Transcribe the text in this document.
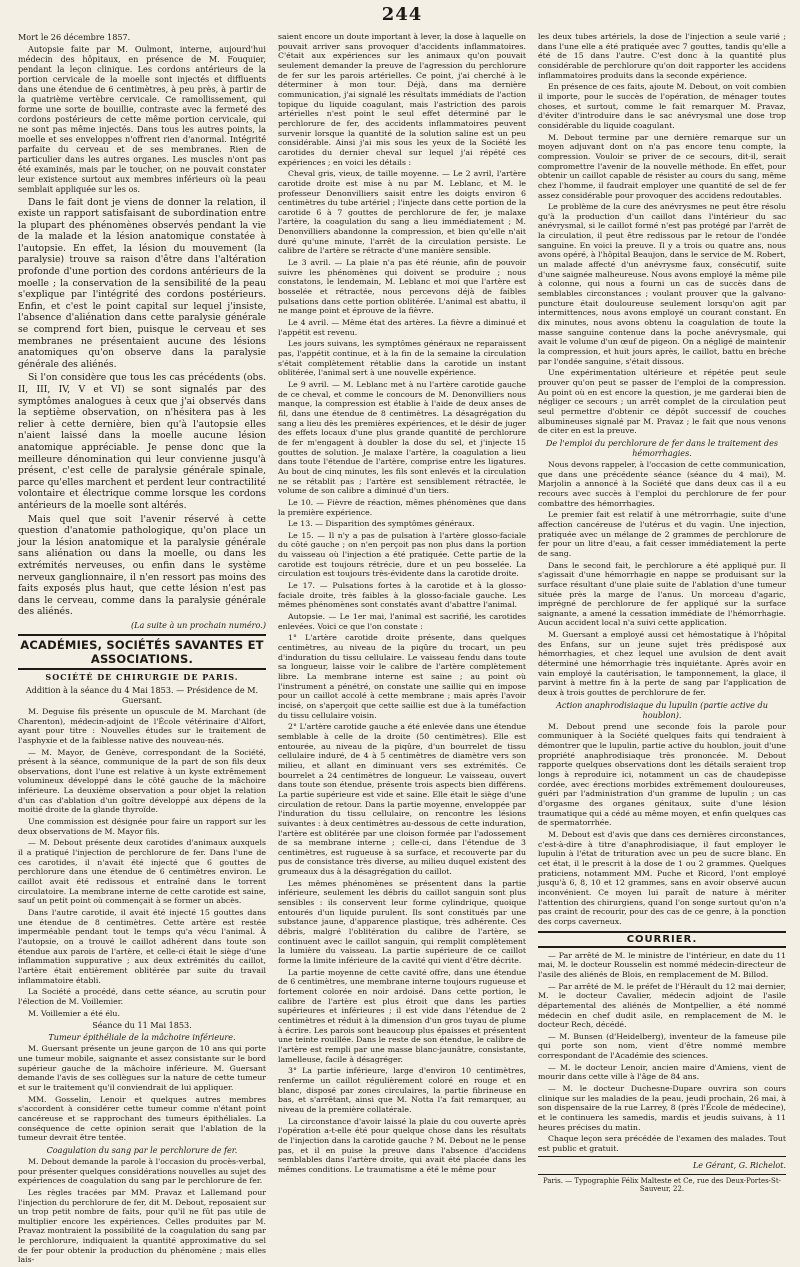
244

Mort le 26 décembre 1857.

Autopsie faite par M. Oulmont, interne, aujourd'hui médecin des hôpitaux, en présence de M. Fouquier, pendant la leçon clinique. Les cordons antérieurs de la portion cervicale de la moelle sont injectés et diffluents dans une étendue de 6 centimètres, à peu près, à partir de la quatrième vertèbre cervicale. Ce ramollissement, qui forme une sorte de bouillie, contraste avec la fermeté des cordons postérieurs de cette même portion cervicale, qui ne sont pas même injectés. Dans tous les autres points, la moelle et ses enveloppes n'offrent rien d'anormal. Intégrité parfaite du cerveau et de ses membranes. Rien de particulier dans les autres organes. Les muscles n'ont pas été examinés, mais par le toucher, on ne pouvait constater leur existence surtout aux membres inférieurs où la peau semblait appliquée sur les os.

Dans le fait dont je viens de donner la relation, il existe un rapport satisfaisant de subordination entre la plupart des phénomènes observés pendant la vie de la malade et la lésion anatomique constatée à l'autopsie. En effet, la lésion du mouvement (la paralysie) trouve sa raison d'être dans l'altération profonde d'une portion des cordons antérieurs de la moelle ; la conservation de la sensibilité de la peau s'explique par l'intégrité des cordons postérieurs. Enfin, et c'est le point capital sur lequel j'insiste, l'absence d'aliénation dans cette paralysie générale se comprend fort bien, puisque le cerveau et ses membranes ne présentaient aucune des lésions anatomiques qu'on observe dans la paralysie générale des aliénés.

Si l'on considère que tous les cas précédents (obs. II, III, IV, V et VI) se sont signalés par des symptômes analogues à ceux que j'ai observés dans la septième observation, on n'hésitera pas à les relier à cette dernière, bien qu'à l'autopsie elles n'aient laissé dans la moelle aucune lésion anatomique appréciable. Je pense donc que la meilleure dénomination qui leur convienne jusqu'à présent, c'est celle de paralysie générale spinale, parce qu'elles marchent et perdent leur contractilité volontaire et électrique comme lorsque les cordons antérieurs de la moelle sont altérés.

Mais quel que soit l'avenir réservé à cette question d'anatomie pathologique, qu'on place un jour la lésion anatomique et la paralysie générale sans aliénation ou dans la moelle, ou dans les extrémités nerveuses, ou enfin dans le système nerveux ganglionnaire, il n'en ressort pas moins des faits exposés plus haut, que cette lésion n'est pas dans le cerveau, comme dans la paralysie générale des aliénés.

(La suite à un prochain numéro.)

ACADÉMIES, SOCIÉTÉS SAVANTES ET ASSOCIATIONS.

SOCIÉTÉ DE CHIRURGIE DE PARIS.

Addition à la séance du 4 Mai 1853. — Présidence de M. Guersant.

M. Deguise fils présente un opuscule de M. Marchant (de Charenton), médecin-adjoint de l'École vétérinaire d'Alfort, ayant pour titre : Nouvelles études sur le traitement de l'asphyxie et de la faiblesse native des nouveau-nés.

— M. Mayor, de Genève, correspondant de la Société, présent à la séance, communique de la part de son fils deux observations, dont l'une est relative à un kyste extrêmement volumineux développé dans le côté gauche de la mâchoire inférieure. La deuxième observation a pour objet la relation d'un cas d'ablation d'un goître développé aux dépens de la moitié droite de la glande thyroïde.

Une commission est désignée pour faire un rapport sur les deux observations de M. Mayor fils.

— M. Debout présente deux carotides d'animaux auxquels il a pratiqué l'injection de perchlorure de fer. Dans l'une de ces carotides, il n'avait été injecté que 6 gouttes de perchlorure dans une étendue de 6 centimètres environ. Le caillot avait été redissous et entraîné dans le torrent circulatoire. La membrane interne de cette carotide est saine, sauf un petit point où commençait à se former un abcès.

Dans l'autre carotide, il avait été injecté 15 gouttes dans une étendue de 8 centimètres. Cette artère est restée imperméable pendant tout le temps qu'a vécu l'animal. À l'autopsie, on a trouvé le caillot adhérent dans toute son étendue aux parois de l'artère, et celle-ci était le siège d'une inflammation suppurative ; aux deux extrémités du caillot, l'artère était entièrement oblitérée par suite du travail inflammatoire établi.

La Société a procédé, dans cette séance, au scrutin pour l'élection de M. Voillemier.

M. Voillemier a été élu.

Séance du 11 Mai 1853.

Tumeur épithéliale de la mâchoire inférieure.

M. Guersant présente un jeune garçon de 10 ans qui porte une tumeur mobile, saignante et assez consistante sur le bord supérieur gauche de la mâchoire inférieure. M. Guersant demande l'avis de ses collègues sur la nature de cette tumeur et sur le traitement qu'il conviendrait de lui appliquer.

MM. Gosselin, Lenoir et quelques autres membres s'accordent à considérer cette tumeur comme n'étant point cancéreuse et se rapprochant des tumeurs épithéliales. La conséquence de cette opinion serait que l'ablation de la tumeur devrait être tentée.

Coagulation du sang par le perchlorure de fer.

M. Debout demande la parole à l'occasion du procès-verbal, pour présenter quelques considérations nouvelles au sujet des expériences de coagulation du sang par le perchlorure de fer.

Les règles tracées par MM. Pravaz et Lallemand pour l'injection du perchlorure de fer, dit M. Debout, reposaient sur un trop petit nombre de faits, pour qu'il ne fût pas utile de multiplier encore les expériences. Celles produites par M. Pravaz montraient la possibilité de la coagulation du sang par le perchlorure, indiquaient la quantité approximative du sel de fer pour obtenir la production du phénomène ; mais elles lais-

saient encore un doute important à lever, la dose à laquelle on pouvait arriver sans provoquer d'accidents inflammatoires. C'était aux expériences sur les animaux qu'on pouvait seulement demander la preuve de l'agression du perchlorure de fer sur les parois artérielles. Ce point, j'ai cherché à le déterminer à mon tour. Déjà, dans ma dernière communication, j'ai signalé les résultats immédiats de l'action topique du liquide coagulant, mais l'astriction des parois artérielles n'est point le seul effet déterminé par le perchlorure de fer, des accidents inflammatoires peuvent survenir lorsque la quantité de la solution saline est un peu considérable. Ainsi j'ai mis sous les yeux de la Société les carotides du dernier cheval sur lequel j'ai répété ces expériences ; en voici les détails :

Cheval gris, vieux, de taille moyenne. — Le 2 avril, l'artère carotide droite est mise à nu par M. Leblanc, et M. le professeur Denonvilliers saisit entre les doigts environ 6 centimètres du tube artériel ; l'injecte dans cette portion de la carotide 6 à 7 gouttes de perchlorure de fer, je malaxe l'artère, la coagulation du sang a lieu immédiatement ; M. Denonvilliers abandonne la compression, et bien qu'elle n'ait duré qu'une minute, l'arrêt de la circulation persiste. Le calibre de l'artère se rétracte d'une manière sensible.

Le 3 avril. — La plaie n'a pas été réunie, afin de pouvoir suivre les phénomènes qui doivent se produire ; nous constatons, le lendemain, M. Leblanc et moi que l'artère est bosselée et rétractée, nous percevons déjà de faibles pulsations dans cette portion oblitérée. L'animal est abattu, il ne mange point et éprouve de la fièvre.

Le 4 avril. — Même état des artères. La fièvre a diminué et l'appétit est revenu.

Les jours suivans, les symptômes généraux ne reparaissent pas, l'appétit continue, et à la fin de la semaine la circulation s'était complètement rétablie dans la carotide un instant oblitérée, l'animal sert à une nouvelle expérience.

Le 9 avril. — M. Leblanc met à nu l'artère carotide gauche de ce cheval, et comme le concours de M. Denonvilliers nous manque, la compression est établie à l'aide de deux anses de fil, dans une étendue de 8 centimètres. La désagrégation du sang a lieu dès les premières expériences, et le désir de juger des effets locaux d'une plus grande quantité de perchlorure de fer m'engagent à doubler la dose du sel, et j'injecte 15 gouttes de solution. Je malaxe l'artère, la coagulation a lieu dans toute l'étendue de l'artère, comprise entre les ligatures. Au bout de cinq minutes, les fils sont enlevés et la circulation ne se rétablit pas ; l'artère est sensiblement rétractée, le volume de son calibre a diminué d'un tiers.

Le 10. — Fièvre de réaction, mêmes phénomènes que dans la première expérience.

Le 13. — Disparition des symptômes généraux.

Le 15. — Il n'y a pas de pulsation à l'artère glosso-faciale du côté gauche ; on n'en perçoit pas non plus dans la portion du vaisseau où l'injection a été pratiquée. Cette partie de la carotide est toujours rétrécie, dure et un peu bosselée. La circulation est toujours très-évidente dans la carotide droite.

Le 17. — Pulsations fortes à la carotide et à la glosso-faciale droite, très faibles à la glosso-faciale gauche. Les mêmes phénomènes sont constatés avant d'abattre l'animal.

Autopsie. — Le 1er mai, l'animal est sacrifié, les carotides enlevées. Voici ce que l'on constate :

1° L'artère carotide droite présente, dans quelques centimètres, au niveau de la piqûre du trocart, un peu d'induration du tissu cellulaire. Le vaisseau fendu dans toute sa longueur, laisse voir le calibre de l'artère complètement libre. La membrane interne est saine ; au point où l'instrument a pénétré, on constate une saillie qui en impose pour un caillot accolé à cette membrane ; mais après l'avoir incisé, on s'aperçoit que cette saillie est due à la tuméfaction du tissu cellulaire voisin.

2° L'artère carotide gauche a été enlevée dans une étendue semblable à celle de la droite (50 centimètres). Elle est entourée, au niveau de la piqûre, d'un bourrelet de tissu cellulaire induré, de 4 à 5 centimètres de diamètre vers son milieu, et allant en diminuant vers ses extrémités. Ce bourrelet a 24 centimètres de longueur. Le vaisseau, ouvert dans toute son étendue, présente trois aspects bien différens. La partie supérieure est vide et saine. Elle était le siège d'une circulation de retour. Dans la partie moyenne, enveloppée par l'induration du tissu cellulaire, on rencontre les lésions suivantes : à deux centimètres au-dessous de cette induration, l'artère est oblitérée par une cloison formée par l'adossement de sa membrane interne ; celle-ci, dans l'étendue de 3 centimètres, est rugueuse à sa surface, et recouverte par du pus de consistance très diverse, au milieu duquel existent des grumeaux dus à la désagrégation du caillot.

Les mêmes phénomènes se présentent dans la partie inférieure, seulement les débris du caillot sanguin sont plus sensibles : ils conservent leur forme cylindrique, quoique entourés d'un liquide purulent. Ils sont constitués par une substance jaune, d'apparence plastique, très adhérente. Ces débris, malgré l'oblitération du calibre de l'artère, se continuent avec le caillot sanguin, qui remplit complètement la lumière du vaisseau. La partie supérieure de ce caillot forme la limite inférieure de la cavité qui vient d'être décrite.

La partie moyenne de cette cavité offre, dans une étendue de 6 centimètres, une membrane interne toujours rugueuse et fortement colorée en noir ardoisé. Dans cette portion, le calibre de l'artère est plus étroit que dans les parties supérieures et inférieures ; il est vide dans l'étendue de 2 centimètres et réduit à la dimension d'un gros tuyau de plume à écrire. Les parois sont beaucoup plus épaisses et présentent une teinte rouillée. Dans le reste de son étendue, le calibre de l'artère est rempli par une masse blanc-jaunâtre, consistante, lamelleuse, facile à désagréger.

3° La partie inférieure, large d'environ 10 centimètres, renferme un caillot régulièrement coloré en rouge et en blanc, disposé par zones circulaires, la partie fibrineuse en bas, et s'arrêtant, ainsi que M. Notta l'a fait remarquer, au niveau de la première collatérale.

La circonstance d'avoir laissé la plaie du cou ouverte après l'opération a-t-elle été pour quelque chose dans les résultats de l'injection dans la carotide gauche ? M. Debout ne le pense pas, et il en puise la preuve dans l'absence d'accidens semblables dans l'artère droite, qui avait été placée dans les mêmes conditions. Le traumatisme a été le même pour

les deux tubes artériels, la dose de l'injection a seule varié ; dans l'une elle a été pratiquée avec 7 gouttes, tandis qu'elle a été de 15 dans l'autre. C'est donc à la quantité plus considérable de perchlorure qu'on doit rapporter les accidens inflammatoires produits dans la seconde expérience.

En présence de ces faits, ajoute M. Debout, on voit combien il importe, pour le succès de l'opération, de ménager toutes choses, et surtout, comme le fait remarquer M. Pravaz, d'éviter d'introduire dans le sac anévrysmal une dose trop considérable du liquide coagulant.

M. Debout termine par une dernière remarque sur un moyen adjuvant dont on n'a pas encore tenu compte, la compression. Vouloir se priver de ce secours, dit-il, serait compromettre l'avenir de la nouvelle méthode. En effet, pour obtenir un caillot capable de résister au cours du sang, même chez l'homme, il faudrait employer une quantité de sel de fer assez considérable pour provoquer des accidens redoutables.

Le problème de la cure des anévrysmes ne peut être résolu qu'à la production d'un caillot dans l'intérieur du sac anévrysmal, si le caillot formé n'est pas protégé par l'arrêt de la circulation, il peut être redissous par le retour de l'ondée sanguine. En voici la preuve. Il y a trois ou quatre ans, nous avons opéré, à l'hôpital Beaujon, dans le service de M. Robert, un malade affecté d'un anévrysme faux, consécutif, suite d'une saignée malheureuse. Nous avons employé la même pile à colonne, qui nous a fourni un cas de succès dans de semblables circonstances ; voulant prouver que la galvano-puncture était douloureuse seulement lorsqu'on agit par intermittences, nous avons employé un courant constant. En dix minutes, nous avons obtenu la coagulation de toute la masse sanguine contenue dans la poche anévrysmale, qui avait le volume d'un œuf de pigeon. On a négligé de maintenir la compression, et huit jours après, le caillot, battu en brèche par l'ondée sanguine, s'était dissous.

Une expérimentation ultérieure et répétée peut seule prouver qu'on peut se passer de l'emploi de la compression. Au point où en est encore la question, je me garderai bien de négliger ce secours ; un arrêt complet de la circulation peut seul permettre d'obtenir ce dépôt successif de couches albumineuses signalé par M. Pravaz ; le fait que nous venons de citer en est la preuve.

De l'emploi du perchlorure de fer dans le traitement des hémorrhagies.

Nous devons rappeler, à l'occasion de cette communication, que dans une précédente séance (séance du 4 mai), M. Marjolin a annoncé à la Société que dans deux cas il a eu recours avec succès à l'emploi du perchlorure de fer pour combattre des hémorrhagies.

Le premier fait est relatif à une métrorrhagie, suite d'une affection cancéreuse de l'utérus et du vagin. Une injection, pratiquée avec un mélange de 2 grammes de perchlorure de fer pour un litre d'eau, a fait cesser immédiatement la perte de sang.

Dans le second fait, le perchlorure a été appliqué pur. Il s'agissait d'une hémorrhagie en nappe se produisant sur la surface résultant d'une plaie suite de l'ablation d'une tumeur située près la marge de l'anus. Un morceau d'agaric, imprégné de perchlorure de fer appliqué sur la surface saignante, a amené la cessation immédiate de l'hémorrhagie. Aucun accident local n'a suivi cette application.

M. Guersant a employé aussi cet hémostatique à l'hôpital des Enfans, sur un jeune sujet très prédisposé aux hémorrhagies, et chez lequel une avulsion de dent avait déterminé une hémorrhagie très inquiétante. Après avoir en vain employé la cautérisation, le tamponnement, la glace, il parvint à mettre fin à la perte de sang par l'application de deux à trois gouttes de perchlorure de fer.

Action anaphrodisiaque du lupulin (partie active du houblon).

M. Debout prend une seconde fois la parole pour communiquer à la Société quelques faits qui tendraient à démontrer que le lupulin, partie active du houblon, jouit d'une propriété anaphrodisiaque très prononcée. M. Debout rapporte quelques observations dont les détails seraient trop longs à reproduire ici, notamment un cas de chaudepisse cordée, avec érections morbides extrêmement douloureuses, guéri par l'administration d'un gramme de lupulin ; un cas d'orgasme des organes génitaux, suite d'une lésion traumatique qui a cédé au même moyen, et enfin quelques cas de spermatorrhée.

M. Debout est d'avis que dans ces dernières circonstances, c'est-à-dire à titre d'anaphrodisiaque, il faut employer le lupulin à l'état de trituration avec un peu de sucre blanc. En cet état, il le prescrit à la dose de 1 ou 2 grammes. Quelques praticiens, notamment MM. Puche et Ricord, l'ont employé jusqu'à 6, 8, 10 et 12 grammes, sans en avoir observé aucun inconvénient. Ce moyen lui paraît de nature à mériter l'attention des chirurgiens, quand l'on songe surtout qu'on n'a pas craint de recourir, pour des cas de ce genre, à la ponction des corps caverneux.

COURRIER.

— Par arrêté de M. le ministre de l'intérieur, en date du 11 mai, M. le docteur Rousselin est nommé médecin-directeur de l'asile des aliénés de Blois, en remplacement de M. Billod.

— Par arrêté de M. le préfet de l'Hérault du 12 mai dernier, M. le docteur Cavalier, médecin adjoint de l'asile départemental des aliénés de Montpellier, a été nommé médecin en chef dudit asile, en remplacement de M. le docteur Rech, décédé.

— M. Bunsen (d'Heidelberg), inventeur de la fameuse pile qui porte son nom, vient d'être nommé membre correspondant de l'Académie des sciences.

— M. le docteur Lenoir, ancien maire d'Amiens, vient de mourir dans cette ville à l'âge de 84 ans.

— M. le docteur Duchesne-Dupare ouvrira son cours clinique sur les maladies de la peau, jeudi prochain, 26 mai, à son dispensaire de la rue Larrey, 8 (près l'École de médecine), et le continuera les samedis, mardis et jeudis suivans, à 11 heures précises du matin.

Chaque leçon sera précédée de l'examen des malades. Tout est public et gratuit.

Le Gérant, G. Richelot.

Paris. — Typographie Félix Malteste et Ce, rue des Deux-Portes-St-Sauveur, 22.
